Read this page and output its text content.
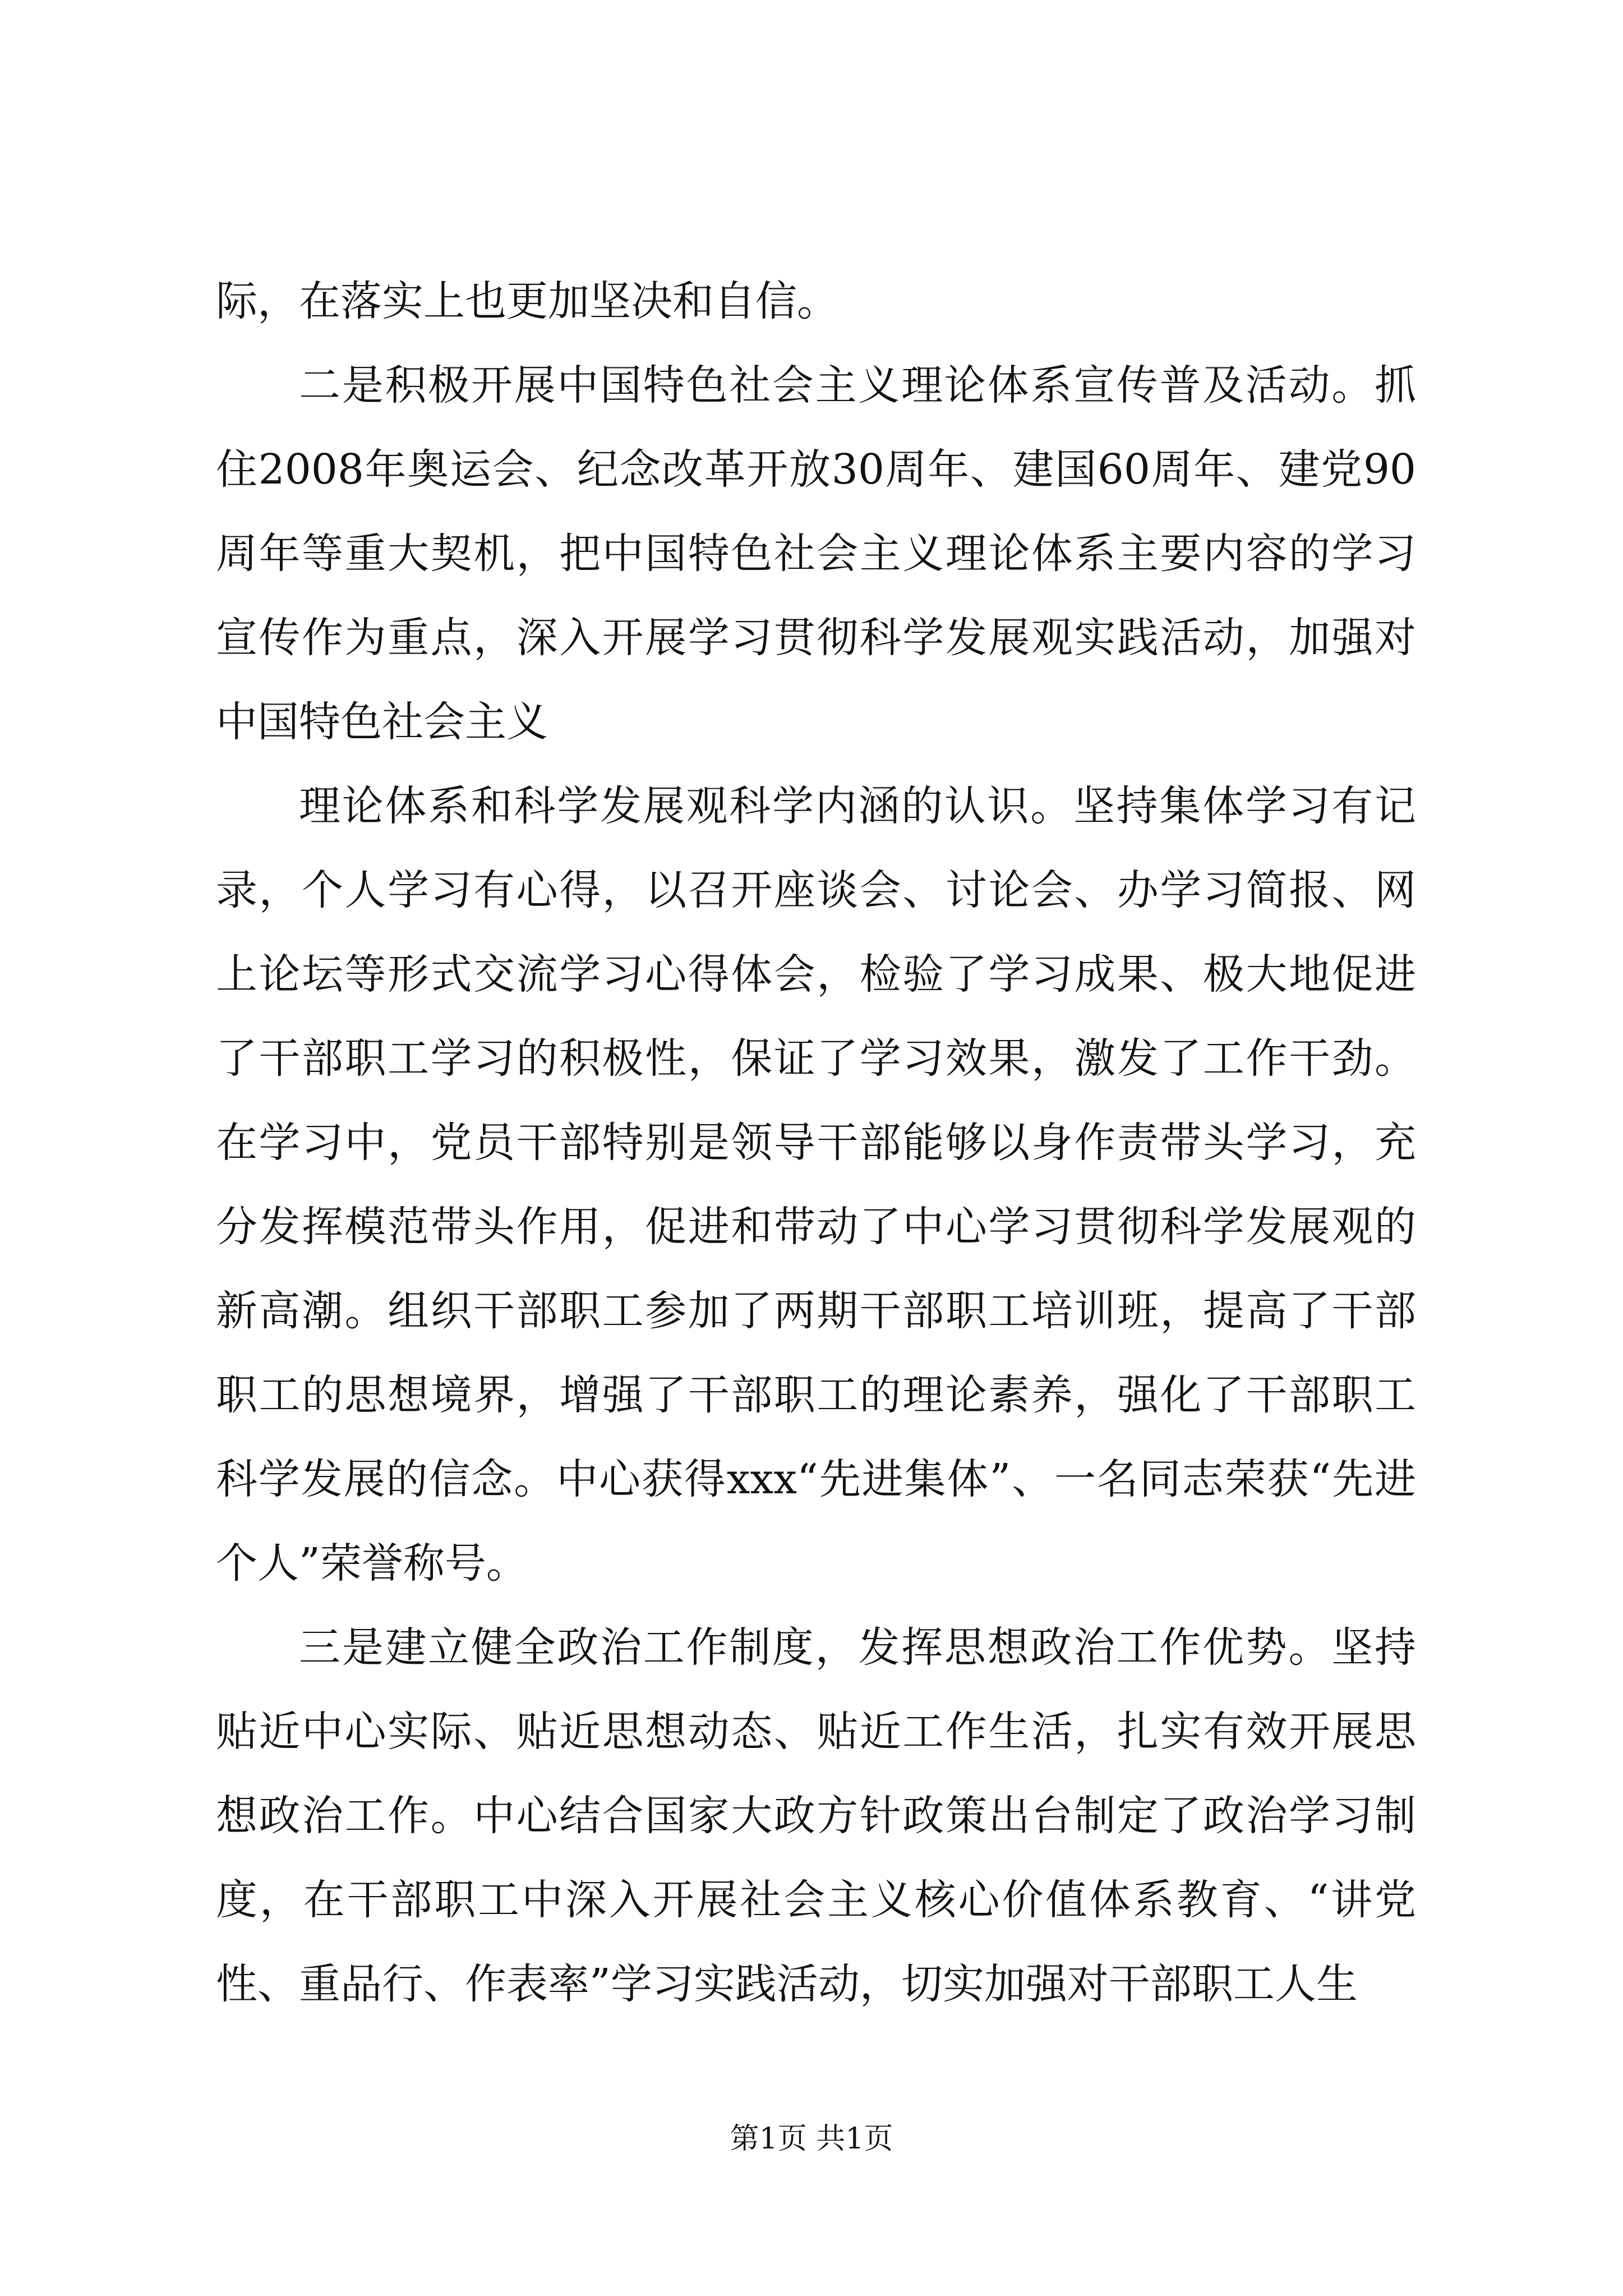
际，在落实上也更加坚决和自信。

二是积极开展中国特色社会主义理论体系宣传普及活动。抓住2008年奥运会、纪念改革开放30周年、建国60周年、建党90周年等重大契机，把中国特色社会主义理论体系主要内容的学习宣传作为重点，深入开展学习贯彻科学发展观实践活动，加强对中国特色社会主义

理论体系和科学发展观科学内涵的认识。坚持集体学习有记录，个人学习有心得，以召开座谈会、讨论会、办学习简报、网上论坛等形式交流学习心得体会，检验了学习成果、极大地促进了干部职工学习的积极性，保证了学习效果，激发了工作干劲。在学习中，党员干部特别是领导干部能够以身作责带头学习，充分发挥模范带头作用，促进和带动了中心学习贯彻科学发展观的新高潮。组织干部职工参加了两期干部职工培训班，提高了干部职工的思想境界，增强了干部职工的理论素养，强化了干部职工科学发展的信念。中心获得xxx“先进集体”、一名同志荣获“先进个人”荣誉称号。

三是建立健全政治工作制度，发挥思想政治工作优势。坚持贴近中心实际、贴近思想动态、贴近工作生活，扎实有效开展思想政治工作。中心结合国家大政方针政策出台制定了政治学习制度，在干部职工中深入开展社会主义核心价值体系教育、“讲党性、重品行、作表率”学习实践活动，切实加强对干部职工人生

第1页 共1页
